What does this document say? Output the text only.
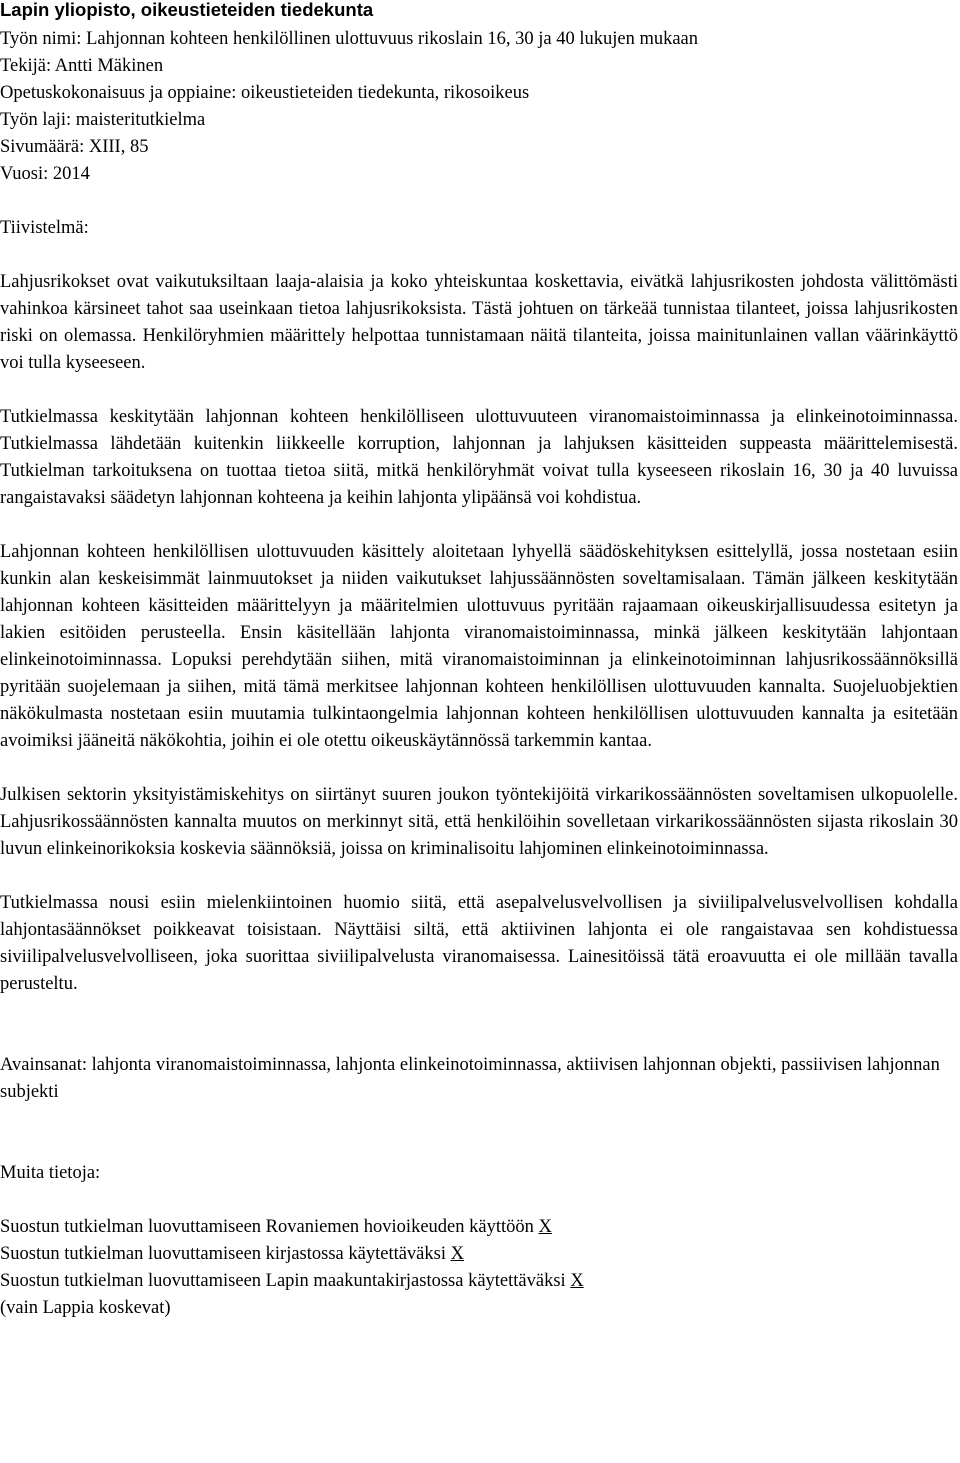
Lapin yliopisto, oikeustieteiden tiedekunta
Työn nimi: Lahjonnan kohteen henkilöllinen ulottuvuus rikoslain 16, 30 ja 40 lukujen mukaan
Tekijä: Antti Mäkinen
Opetuskokonaisuus ja oppiaine: oikeustieteiden tiedekunta, rikosoikeus
Työn laji: maisteritutkielma
Sivumäärä: XIII, 85
Vuosi: 2014
Tiivistelmä:

Lahjusrikokset ovat vaikutuksiltaan laaja-alaisia ja koko yhteiskuntaa koskettavia, eivätkä lahjusrikosten johdosta välittömästi vahinkoa kärsineet tahot saa useinkaan tietoa lahjusrikoksista. Tästä johtuen on tärkeää tunnistaa tilanteet, joissa lahjusrikosten riski on olemassa. Henkilöryhmien määrittely helpottaa tunnistamaan näitä tilanteita, joissa mainitunlainen vallan väärinkäyttö voi tulla kyseeseen.

Tutkielmassa keskitytään lahjonnan kohteen henkilölliseen ulottuvuuteen viranomaistoiminnassa ja elinkeinotoiminnassa. Tutkielmassa lähdetään kuitenkin liikkeelle korruption, lahjonnan ja lahjuksen käsitteiden suppeasta määrittelemisestä. Tutkielman tarkoituksena on tuottaa tietoa siitä, mitkä henkilöryhmät voivat tulla kyseeseen rikoslain 16, 30 ja 40 luvuissa rangaistavaksi säädetyn lahjonnan kohteena ja keihin lahjonta ylipäänsä voi kohdistua.

Lahjonnan kohteen henkilöllisen ulottuvuuden käsittely aloitetaan lyhyellä säädöskehityksen esittelyllä, jossa nostetaan esiin kunkin alan keskeisimmät lainmuutokset ja niiden vaikutukset lahjussäännösten soveltamisalaan. Tämän jälkeen keskitytään lahjonnan kohteen käsitteiden määrittelyyn ja määritelmien ulottuvuus pyritään rajaamaan oikeuskirjallisuudessa esitetyn ja lakien esitöiden perusteella. Ensin käsitellään lahjonta viranomaistoiminnassa, minkä jälkeen keskitytään lahjontaan elinkeinotoiminnassa. Lopuksi perehdytään siihen, mitä viranomaistoiminnan ja elinkeinotoiminnan lahjusrikossäännöksillä pyritään suojelemaan ja siihen, mitä tämä merkitsee lahjonnan kohteen henkilöllisen ulottuvuuden kannalta. Suojeluobjektien näkökulmasta nostetaan esiin muutamia tulkintaongelmia lahjonnan kohteen henkilöllisen ulottuvuuden kannalta ja esitetään avoimiksi jääneitä näkökohtia, joihin ei ole otettu oikeuskäytännössä tarkemmin kantaa.

Julkisen sektorin yksityistämiskehitys on siirtänyt suuren joukon työntekijöitä virkarikossäännösten soveltamisen ulkopuolelle. Lahjusrikossäännösten kannalta muutos on merkinnyt sitä, että henkilöihin sovelletaan virkarikossäännösten sijasta rikoslain 30 luvun elinkeinorikoksia koskevia säännöksiä, joissa on kriminalisoitu lahjominen elinkeinotoiminnassa.

Tutkielmassa nousi esiin mielenkiintoinen huomio siitä, että asepalvelusvelvollisen ja siviilipalvelusvelvollisen kohdalla lahjontasäännökset poikkeavat toisistaan. Näyttäisi siltä, että aktiivinen lahjonta ei ole rangaistavaa sen kohdistuessa siviilipalvelusvelvolliseen, joka suorittaa siviilipalvelusta viranomaisessa. Lainesitöissä tätä eroavuutta ei ole millään tavalla perusteltu.

Avainsanat: lahjonta viranomaistoiminnassa, lahjonta elinkeinotoiminnassa, aktiivisen lahjonnan objekti, passiivisen lahjonnan subjekti

Muita tietoja:
Suostun tutkielman luovuttamiseen Rovaniemen hovioikeuden käyttöön X
Suostun tutkielman luovuttamiseen kirjastossa käytettäväksi X
Suostun tutkielman luovuttamiseen Lapin maakuntakirjastossa käytettäväksi X
(vain Lappia koskevat)
